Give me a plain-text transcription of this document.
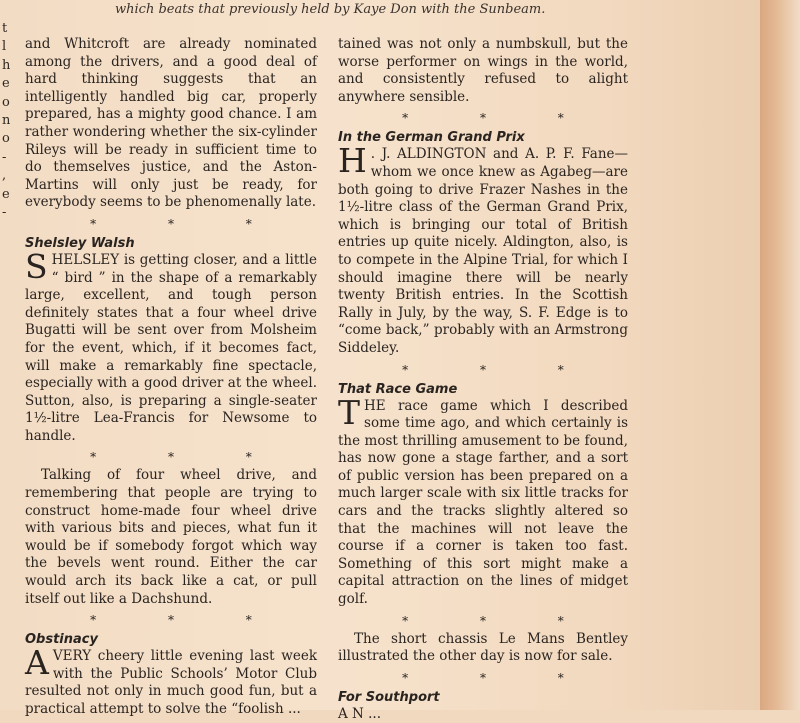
which beats that previously held by Kaye Don with the Sunbeam.
t
l
h
e
o
n
o
-
,
e
-

and Whitcroft are already nominated among the drivers, and a good deal of hard thinking suggests that an intelligently handled big car, properly prepared, has a mighty good chance. I am rather wondering whether the six-cylinder Rileys will be ready in sufficient time to do themselves justice, and the Aston-Martins will only just be ready, for everybody seems to be phenomenally late.

* * *
Shelsley Walsh

SHELSLEY is getting closer, and a little “ bird ” in the shape of a remarkably large, excellent, and tough person definitely states that a four wheel drive Bugatti will be sent over from Molsheim for the event, which, if it becomes fact, will make a remarkably fine spectacle, especially with a good driver at the wheel. Sutton, also, is preparing a single-seater 1½-litre Lea-Francis for Newsome to handle.

* * *

Talking of four wheel drive, and remembering that people are trying to construct home-made four wheel drive with various bits and pieces, what fun it would be if somebody forgot which way the bevels went round. Either the car would arch its back like a cat, or pull itself out like a Dachshund.

* * *
Obstinacy

AVERY cheery little evening last week with the Public Schools’ Motor Club resulted not only in much good fun, but a practical attempt to solve the “foolish ...

tained was not only a numbskull, but the worse performer on wings in the world, and consistently refused to alight anywhere sensible.

* * *
In the German Grand Prix

H . J. ALDINGTON and A. P. F. Fane—whom we once knew as Agabeg—are both going to drive Frazer Nashes in the 1½-litre class of the German Grand Prix, which is bringing our total of British entries up quite nicely. Aldington, also, is to compete in the Alpine Trial, for which I should imagine there will be nearly twenty British entries. In the Scottish Rally in July, by the way, S. F. Edge is to “come back,” probably with an Armstrong Siddeley.

* * *
That Race Game

THE race game which I described some time ago, and which certainly is the most thrilling amusement to be found, has now gone a stage farther, and a sort of public version has been prepared on a much larger scale with six little tracks for cars and the tracks slightly altered so that the machines will not leave the course if a corner is taken too fast. Something of this sort might make a capital attraction on the lines of midget golf.

* * *

The short chassis Le Mans Bentley illustrated the other day is now for sale.

* * *
For Southport

A N ...
